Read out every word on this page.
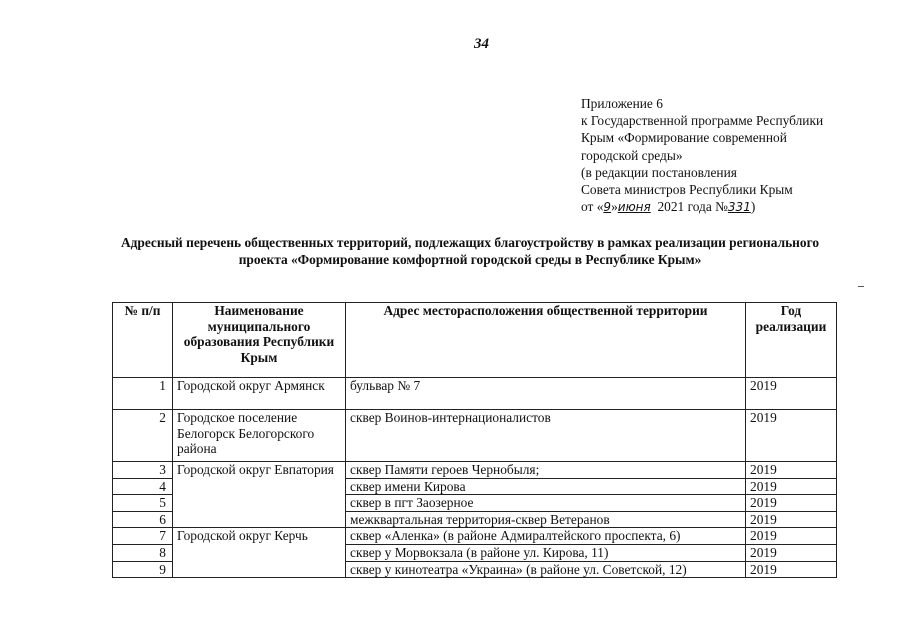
34
Приложение 6
к Государственной программе Республики
Крым «Формирование современной
городской среды»
(в редакции постановления
Совета министров Республики Крым
от «9»июня 2021 года №331)
Адресный перечень общественных территорий, подлежащих благоустройству в рамках реализации регионального
проекта «Формирование комфортной городской среды в Республике Крым»
№ п/п	Наименование муниципального образования Республики Крым	Адрес месторасположения общественной территории	Год реализации
1	Городской округ Армянск	бульвар № 7	2019
2	Городское поселение Белогорск Белогорского района	сквер Воинов-интернационалистов	2019
3	Городской округ Евпатория	сквер Памяти героев Чернобыля;	2019
4		сквер имени Кирова	2019
5		сквер в пгт Заозерное	2019
6		межквартальная территория-сквер Ветеранов	2019
7	Городской округ Керчь	сквер «Аленка» (в районе Адмиралтейского проспекта, 6)	2019
8		сквер у Морвокзала (в районе ул. Кирова, 11)	2019
9		сквер у кинотеатра «Украина» (в районе ул. Советской, 12)	2019
